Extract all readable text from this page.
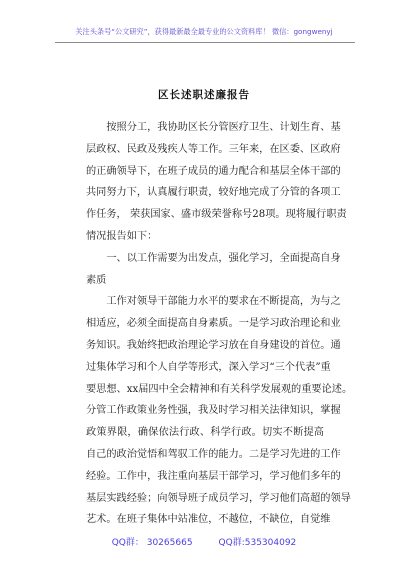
关注头条号“公文研究”，获得最新最全最专业的公文资料库！ 微信：gongwenyj
区长述职述廉报告
　　按照分工，我协助区长分管医疗卫生、计划生育、基
层政权、民政及残疾人等工作。三年来，在区委、区政府
的正确领导下，在班子成员的通力配合和基层全体干部的
共同努力下，认真履行职责，较好地完成了分管的各项工
作任务， 荣获国家、盛市级荣誉称号28项。现将履行职责
情况报告如下：
　　一、以工作需要为出发点，强化学习，全面提高自身
素质
　　工作对领导干部能力水平的要求在不断提高，为与之
相适应，必须全面提高自身素质。一是学习政治理论和业
务知识。我始终把政治理论学习放在自身建设的首位。通
过集体学习和个人自学等形式，深入学习“三个代表”重
要思想、xx届四中全会精神和有关科学发展观的重要论述。
分管工作政策业务性强，我及时学习相关法律知识，掌握
政策界限，确保依法行政、科学行政。切实不断提高
自己的政治觉悟和驾驭工作的能力。二是学习先进的工作
经验。工作中，我注重向基层干部学习，学习他们多年的
基层实践经验；向领导班子成员学习，学习他们高超的领导
艺术。在班子集体中站准位，不越位，不缺位，自觉维
QQ群： 30265665	QQ群:535304092
